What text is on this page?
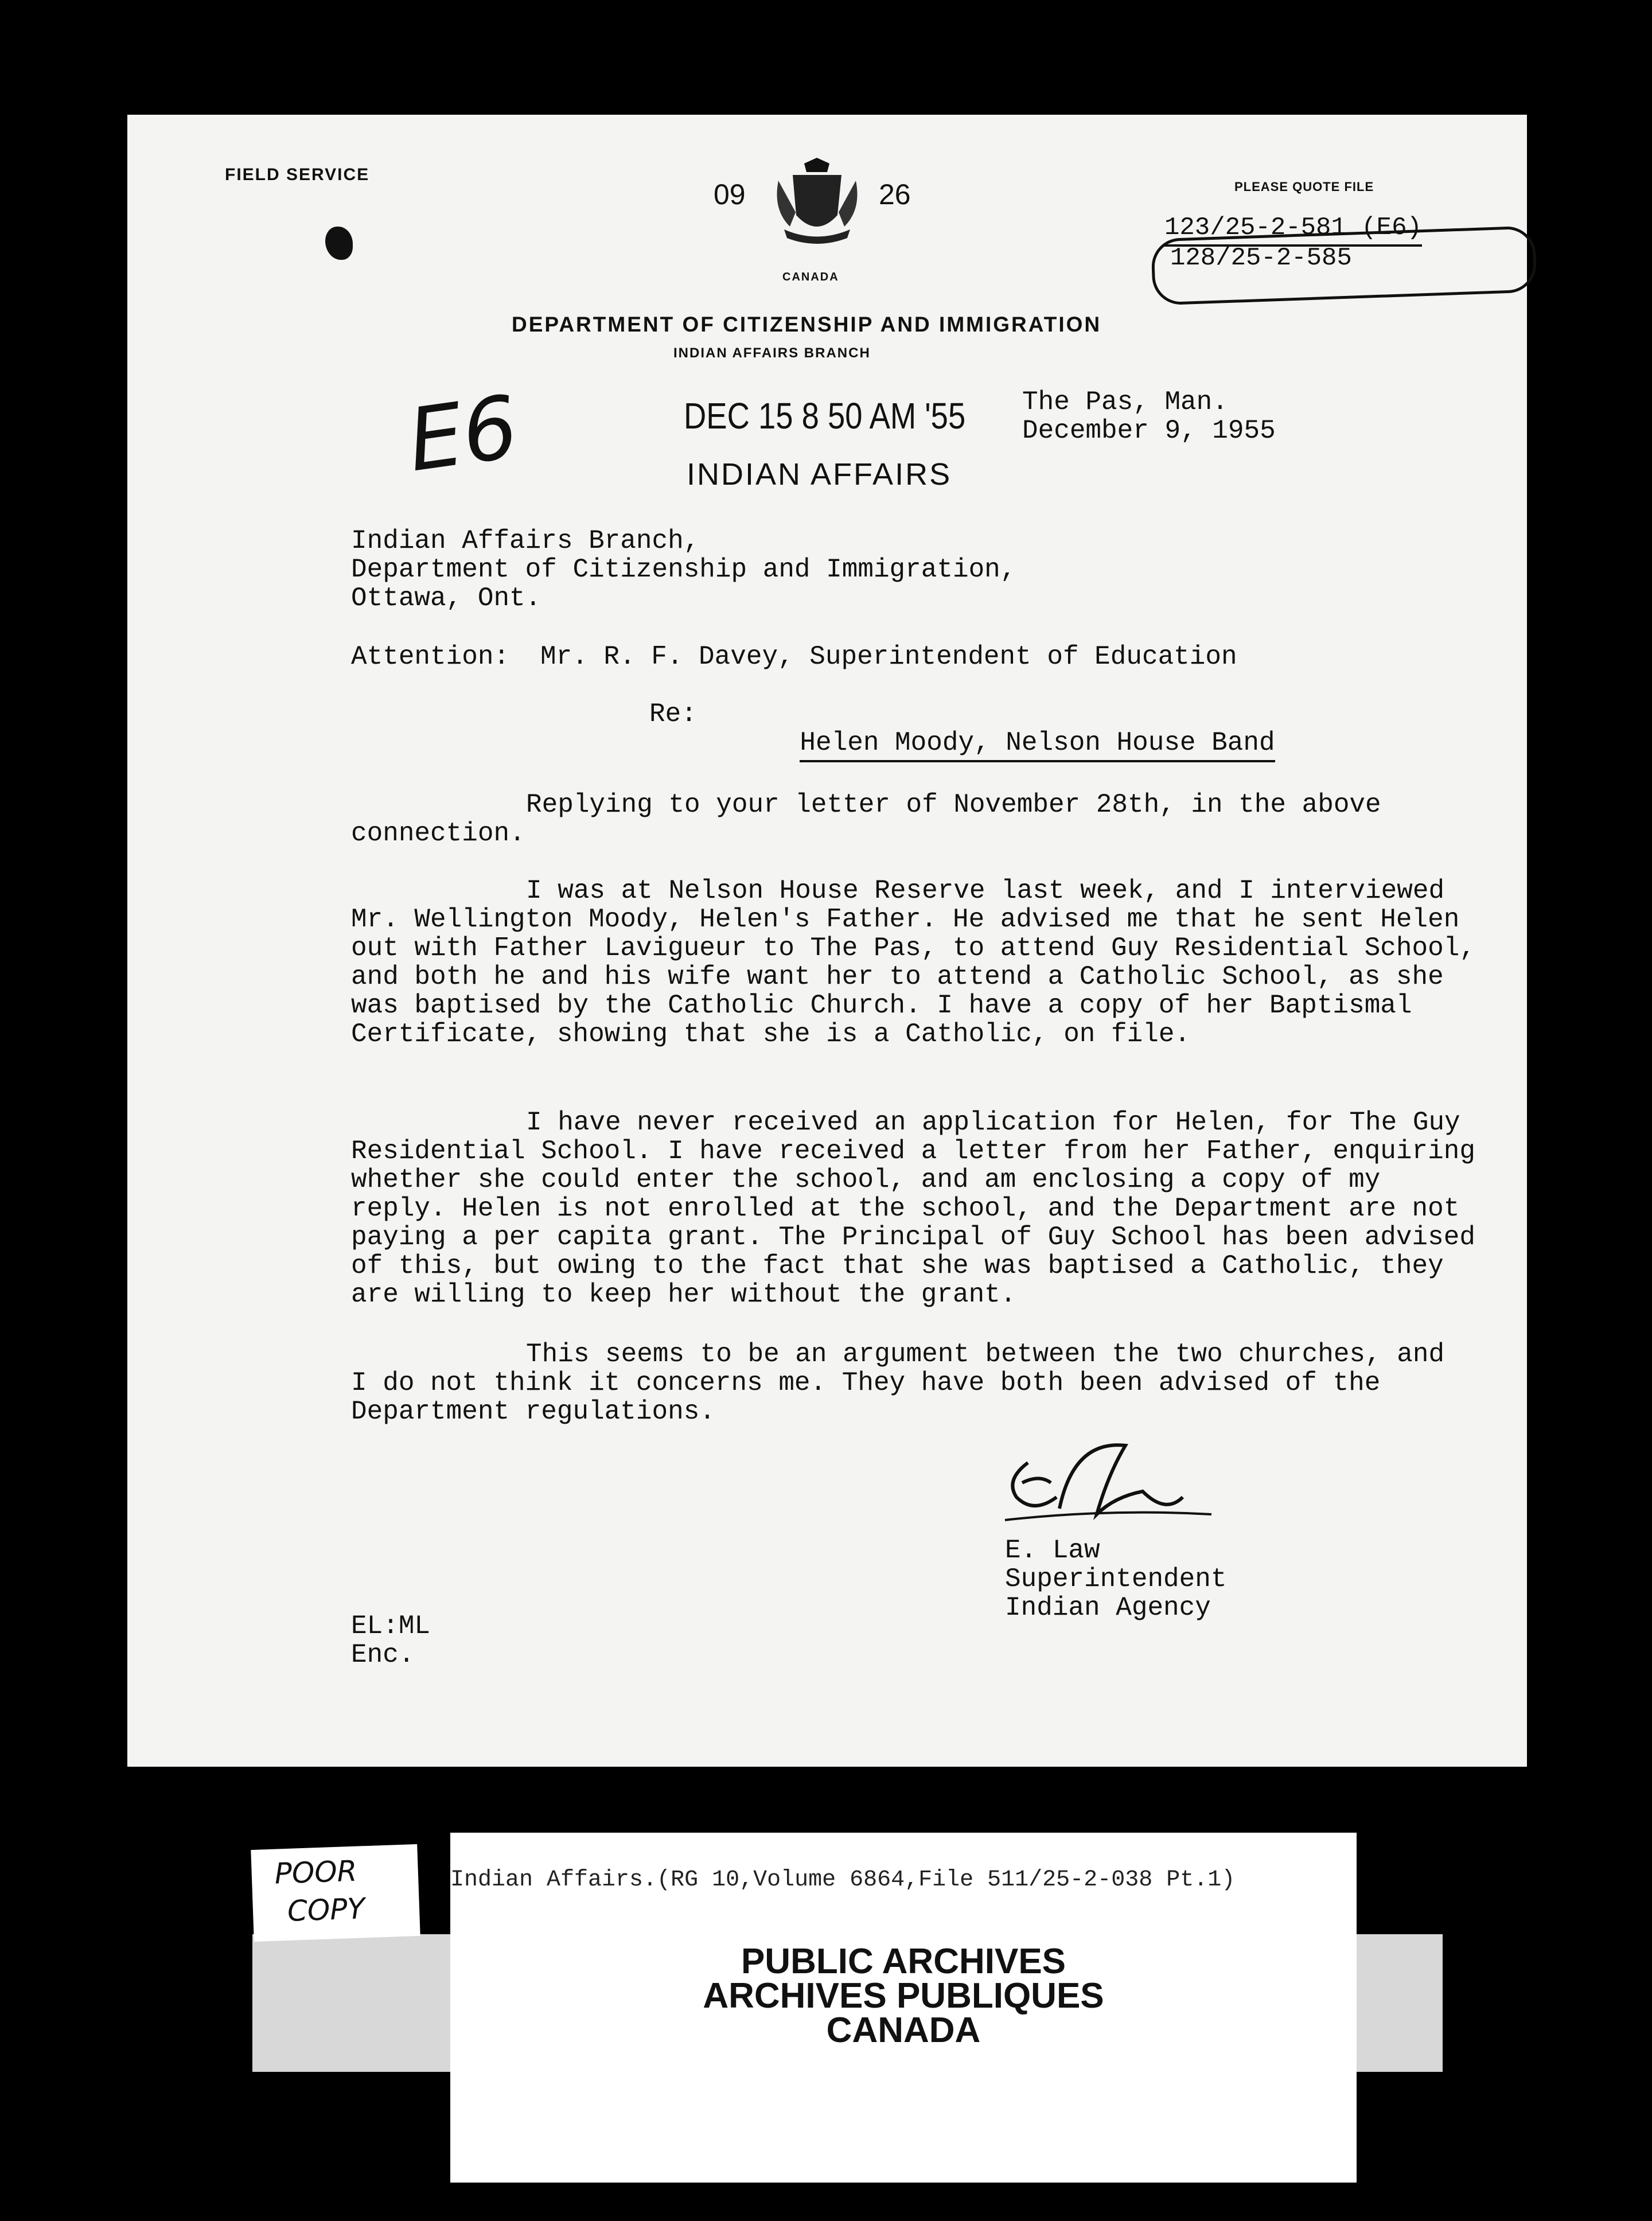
FIELD SERVICE
09
CANADA
26	PLEASE QUOTE FILE
123/25-2-581 (E6)
128/25-2-585
DEPARTMENT OF CITIZENSHIP AND IMMIGRATION
INDIAN AFFAIRS BRANCH
E6	DEC 15 8 50 AM '55
INDIAN AFFAIRS
The Pas, Man.
December 9, 1955
Indian Affairs Branch,
Department of Citizenship and Immigration,
Ottawa, Ont.
Attention: Mr. R. F. Davey, Superintendent of Education
Re:

Helen Moody, Nelson House Band

Replying to your letter of November 28th, in the above connection.

I was at Nelson House Reserve last week, and I interviewed Mr. Wellington Moody, Helen's Father. He advised me that he sent Helen out with Father Lavigueur to The Pas, to attend Guy Residential School, and both he and his wife want her to attend a Catholic School, as she was baptised by the Catholic Church. I have a copy of her Baptismal Certificate, showing that she is a Catholic, on file.

I have never received an application for Helen, for The Guy Residential School. I have received a letter from her Father, enquiring whether she could enter the school, and am enclosing a copy of my reply. Helen is not enrolled at the school, and the Department are not paying a per capita grant. The Principal of Guy School has been advised of this, but owing to the fact that she was baptised a Catholic, they are willing to keep her without the grant.

This seems to be an argument between the two churches, and I do not think it concerns me. They have both been advised of the Department regulations.

E. Law
Superintendent
Indian Agency
EL:ML
Enc.
POOR
COPY
Indian Affairs.(RG 10,Volume 6864,File 511/25-2-038 Pt.1)
PUBLIC ARCHIVES
ARCHIVES PUBLIQUES
CANADA
